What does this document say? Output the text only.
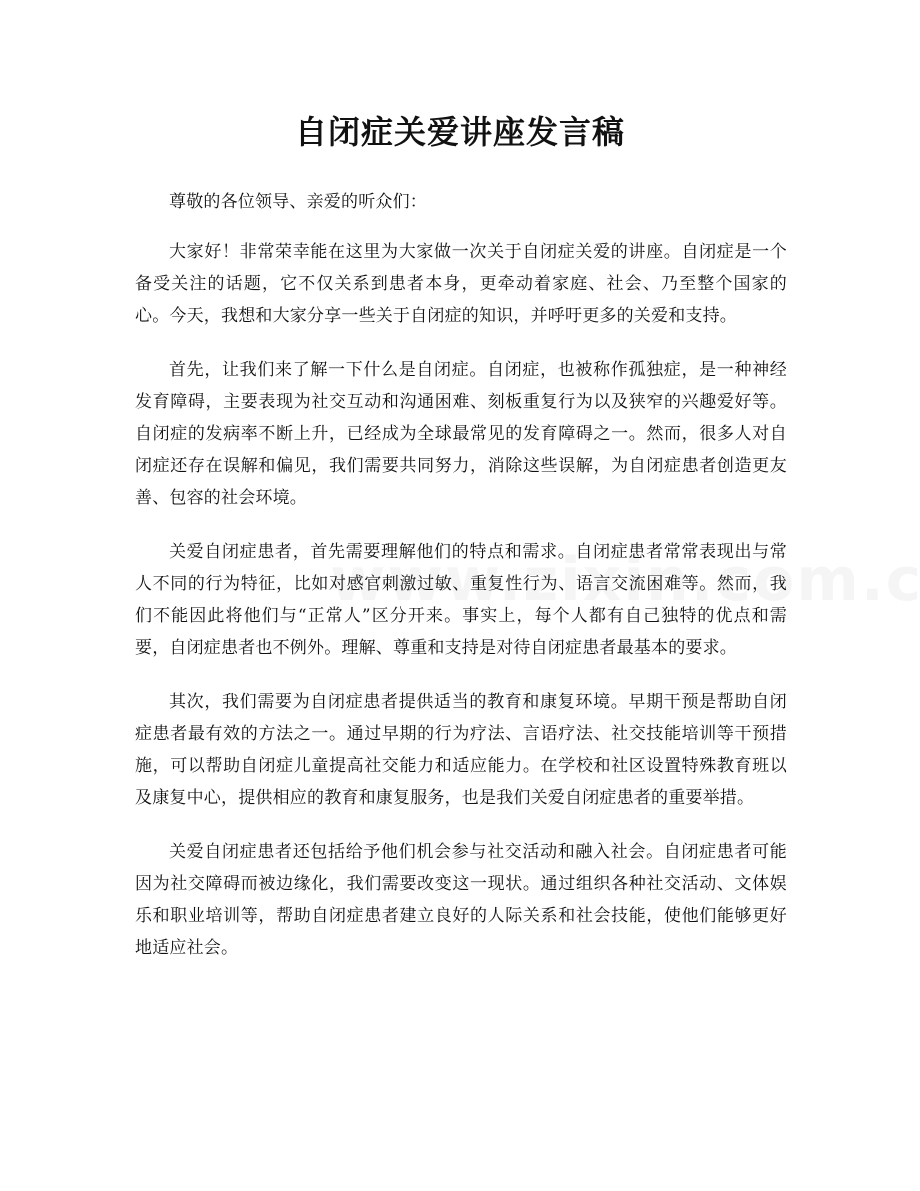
自闭症关爱讲座发言稿

尊敬的各位领导、亲爱的听众们：

大家好！非常荣幸能在这里为大家做一次关于自闭症关爱的讲座。自闭症是一个备受关注的话题，它不仅关系到患者本身，更牵动着家庭、社会、乃至整个国家的心。今天，我想和大家分享一些关于自闭症的知识，并呼吁更多的关爱和支持。

首先，让我们来了解一下什么是自闭症。自闭症，也被称作孤独症，是一种神经发育障碍，主要表现为社交互动和沟通困难、刻板重复行为以及狭窄的兴趣爱好等。自闭症的发病率不断上升，已经成为全球最常见的发育障碍之一。然而，很多人对自闭症还存在误解和偏见，我们需要共同努力，消除这些误解，为自闭症患者创造更友善、包容的社会环境。

关爱自闭症患者，首先需要理解他们的特点和需求。自闭症患者常常表现出与常人不同的行为特征，比如对感官刺激过敏、重复性行为、语言交流困难等。然而，我们不能因此将他们与“正常人”区分开来。事实上，每个人都有自己独特的优点和需要，自闭症患者也不例外。理解、尊重和支持是对待自闭症患者最基本的要求。

其次，我们需要为自闭症患者提供适当的教育和康复环境。早期干预是帮助自闭症患者最有效的方法之一。通过早期的行为疗法、言语疗法、社交技能培训等干预措施，可以帮助自闭症儿童提高社交能力和适应能力。在学校和社区设置特殊教育班以及康复中心，提供相应的教育和康复服务，也是我们关爱自闭症患者的重要举措。

关爱自闭症患者还包括给予他们机会参与社交活动和融入社会。自闭症患者可能因为社交障碍而被边缘化，我们需要改变这一现状。通过组织各种社交活动、文体娱乐和职业培训等，帮助自闭症患者建立良好的人际关系和社会技能，使他们能够更好地适应社会。
